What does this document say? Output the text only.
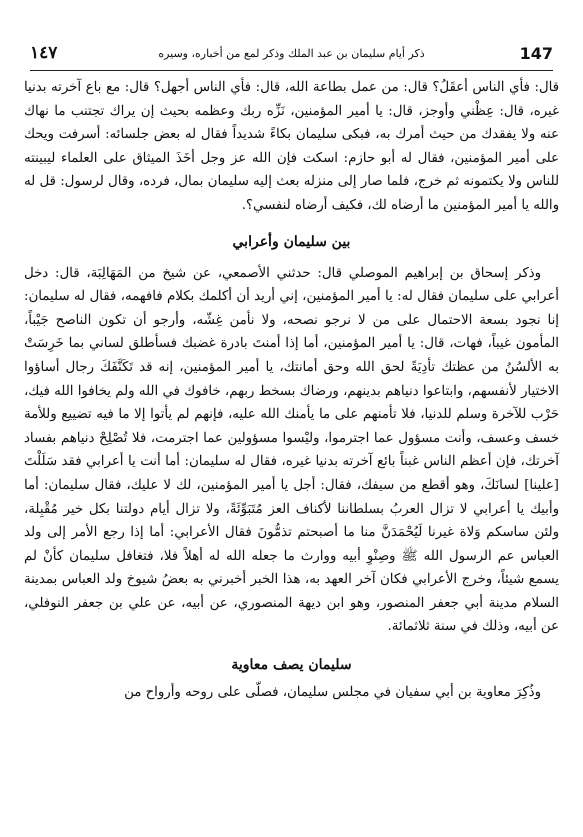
١٤٧	ذكر أيام سليمان بن عبد الملك وذكر لمع من أخباره، وسيره	147

قال: فأي الناس أعقَلُ؟ قال: من عمل بطاعة الله، قال: فأي الناس أجهل؟ قال: مع باع آخرته بدنيا غيره، قال: عِظْني وأوجز، قال: يا أمير المؤمنين، نَزِّه ربك وعظمه بحيث إن يراك تجتنب ما نهاك عنه ولا يفقدك من حيث أمرك به، فبكى سليمان بكاءً شديداً فقال له بعض جلسائه: أسرفت ويحك على أمير المؤمنين، فقال له أبو حازم: اسكت فإن الله عز وجل أخَذَ الميثاق على العلماء ليبينته للناس ولا يكتمونه ثم خرج، فلما صار إلى منزله بعث إليه سليمان بمال، فرده، وقال لرسول: قل له والله يا أمير المؤمنين ما أرضاه لك، فكيف أرضاه لنفسي؟.

بين سليمان وأعرابي

وذكر إسحاق بن إبراهيم الموصلي قال: حدثني الأصمعي، عن شيخ من المَهَالِبَة، قال: دخل أعرابي على سليمان فقال له: يا أمير المؤمنين، إني أريد أن أكلمك بكلام فافهمه، فقال له سليمان: إنا نجود بسعة الاحتمال على من لا نرجو نصحه، ولا نأمن غِشّه، وأرجو أن تكون الناصح جَيْباً، المأمون غيباً، فهات، قال: يا أمير المؤمنين، أما إذا أمنتَ بادرة غضبك فسأطلق لساني بما خَرِسَتْ به الألسُنُ من عظتك تأدِيَةً لحق الله وحق أمانتك، يا أمير المؤمنين، إنه قد تَكَنَّفَكَ رجال أساؤوا الاختيار لأنفسهم، وابتاعوا دنياهم بدينهم، ورضاك بسخط ربهم، خافوك في الله ولم يخافوا الله فيك، حَرْب للآخرة وسلم للدنيا، فلا تأمنهم على ما يأمنك الله عليه، فإنهم لم يأتوا إلا ما فيه تضييع وللأمة خسف وعسف، وأنت مسؤول عما اجترموا، وليْسوا مسؤولين عما اجترمت، فلا تُصْلِحْ دنياهم بفساد آخرتك، فإن أعظم الناس غبناً بائع آخرته بدنيا غيره، فقال له سليمان: أما أنت يا أعرابي فقد سَلَلْتَ [علينا] لسانَكَ، وهو أقطع من سيفك، فقال: أجل يا أمير المؤمنين، لك لا عليك، فقال سليمان: أما وأبيك يا أعرابي لا تزال العربُ بسلطاننا لأكناف العز مُتَبَوِّئَةً، ولا تزال أيام دولتنا بكل خير مُقْبِلة، ولئن ساسكم وَلاة غيرنا لَيُحْمَدَنَّ منا ما أصبحتم تذمُّونَ فقال الأعرابي: أما إذا رجع الأمر إلى ولد العباس عم الرسول الله ﷺ وصِنْوِ أبيه ووارث ما جعله الله له أهلاً فلا، فتغافل سليمان كأنْ لم يسمع شيئاً، وخرج الأعرابي فكان آخر العهد به، هذا الخبر أخبرني به بعضُ شيوخ ولد العباس بمدينة السلام مدينة أبي جعفر المنصور، وهو ابن ديهة المنصوري، عن أبيه، عن علي بن جعفر النوفلي، عن أبيه، وذلك في سنة ثلاثمائة.

سليمان يصف معاوية

وذُكِرَ معاوية بن أبي سفيان في مجلس سليمان، فصلّى على روحه وأرواح من
